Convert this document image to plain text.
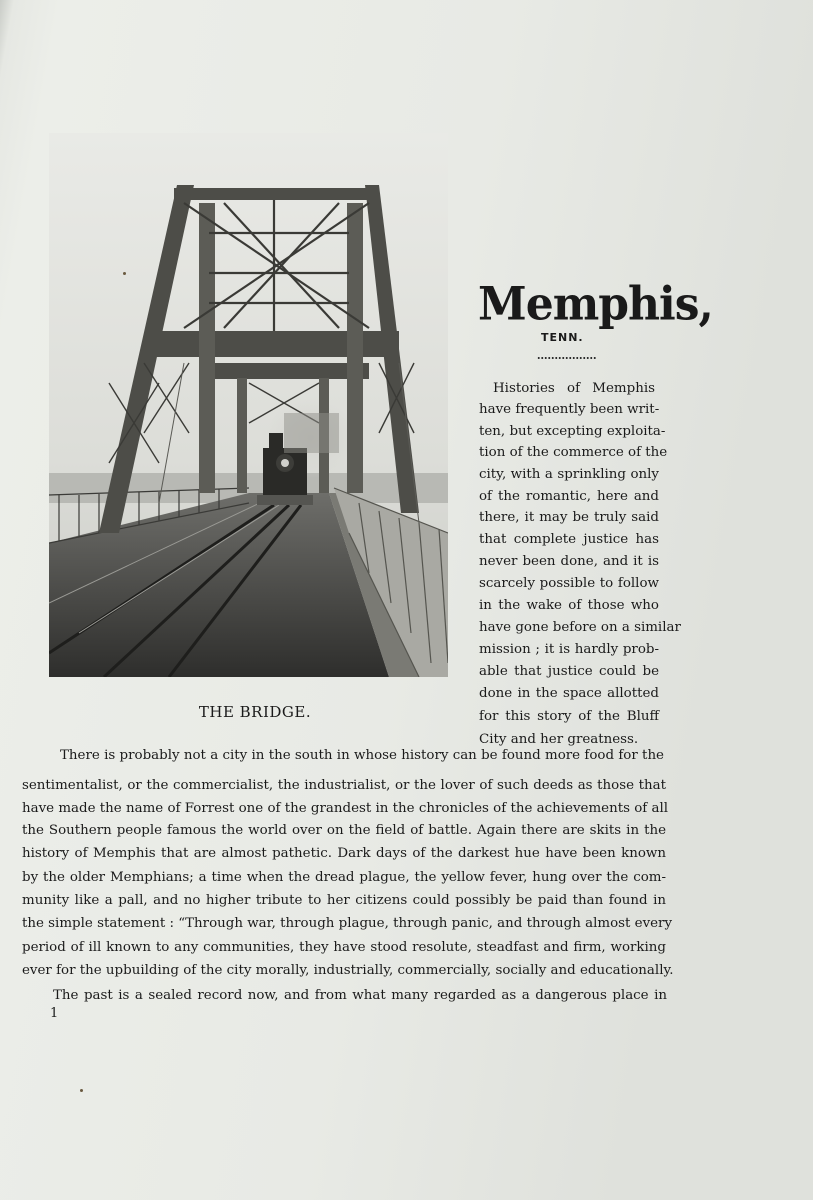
THE BRIDGE.
Memphis,
TENN.
Histories of Memphis
have frequently been writ-
ten, but excepting exploita-
tion of the commerce of the
city, with a sprinkling only
of the romantic, here and
there, it may be truly said
that complete justice has
never been done, and it is
scarcely possible to follow
in the wake of those who
have gone before on a similar
mission ; it is hardly prob-
able that justice could be
done in the space allotted
for this story of the Bluff
City and her greatness.
There is probably not a city in the south in whose history can be found more food for the
sentimentalist, or the commercialist, the industrialist, or the lover of such deeds as those that
have made the name of Forrest one of the grandest in the chronicles of the achievements of all
the Southern people famous the world over on the field of battle. Again there are skits in the
history of Memphis that are almost pathetic. Dark days of the darkest hue have been known
by the older Memphians; a time when the dread plague, the yellow fever, hung over the com-
munity like a pall, and no higher tribute to her citizens could possibly be paid than found in
the simple statement : “Through war, through plague, through panic, and through almost every
period of ill known to any communities, they have stood resolute, steadfast and firm, working
ever for the upbuilding of the city morally, industrially, commercially, socially and educationally.
The past is a sealed record now, and from what many regarded as a dangerous place in
1
